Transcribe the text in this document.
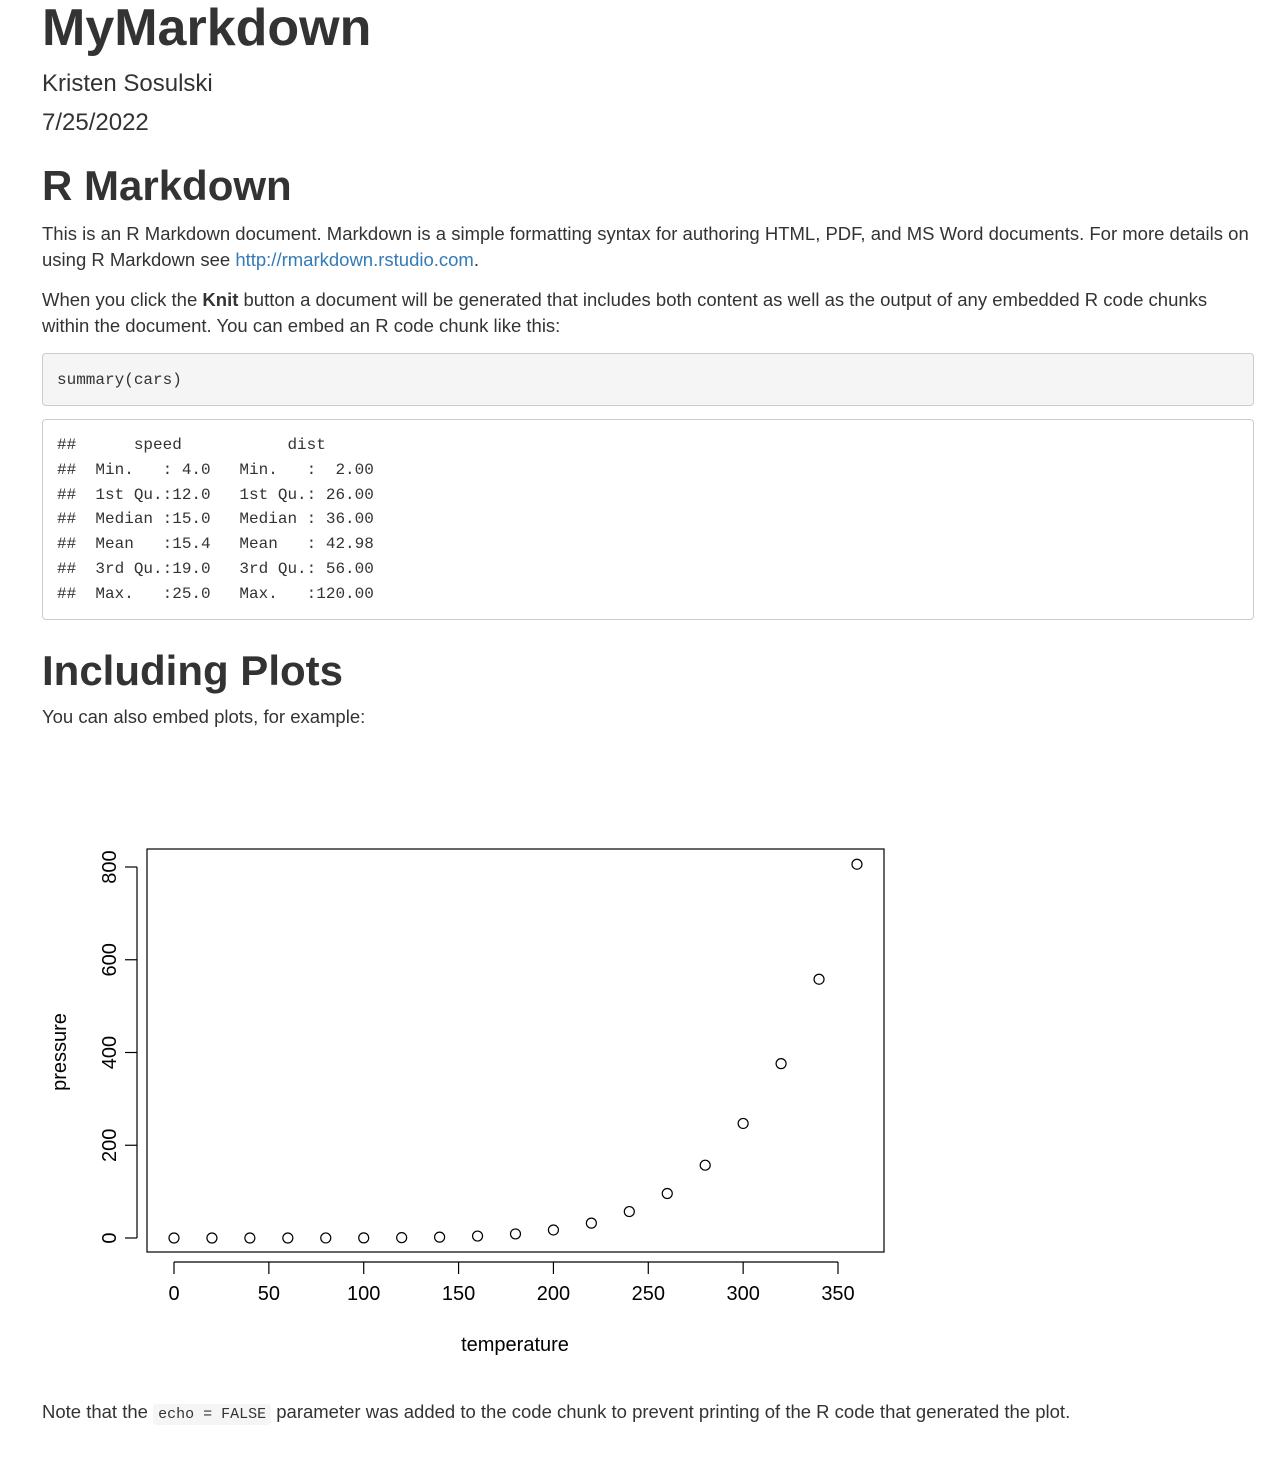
MyMarkdown
Kristen Sosulski
7/25/2022
R Markdown

This is an R Markdown document. Markdown is a simple formatting syntax for authoring HTML, PDF, and MS Word documents. For more details on using R Markdown see http://rmarkdown.rstudio.com.

When you click the Knit button a document will be generated that includes both content as well as the output of any embedded R code chunks within the document. You can embed an R code chunk like this:

summary(cars)
##      speed           dist
##  Min.   : 4.0   Min.   :  2.00
##  1st Qu.:12.0   1st Qu.: 26.00
##  Median :15.0   Median : 36.00
##  Mean   :15.4   Mean   : 42.98
##  3rd Qu.:19.0   3rd Qu.: 56.00
##  Max.   :25.0   Max.   :120.00
Including Plots

You can also embed plots, for example:

Note that the echo = FALSE parameter was added to the code chunk to prevent printing of the R code that generated the plot.

0	50	100	150	200	250	300	350
0
200
400
600
800
temperature
pressure
